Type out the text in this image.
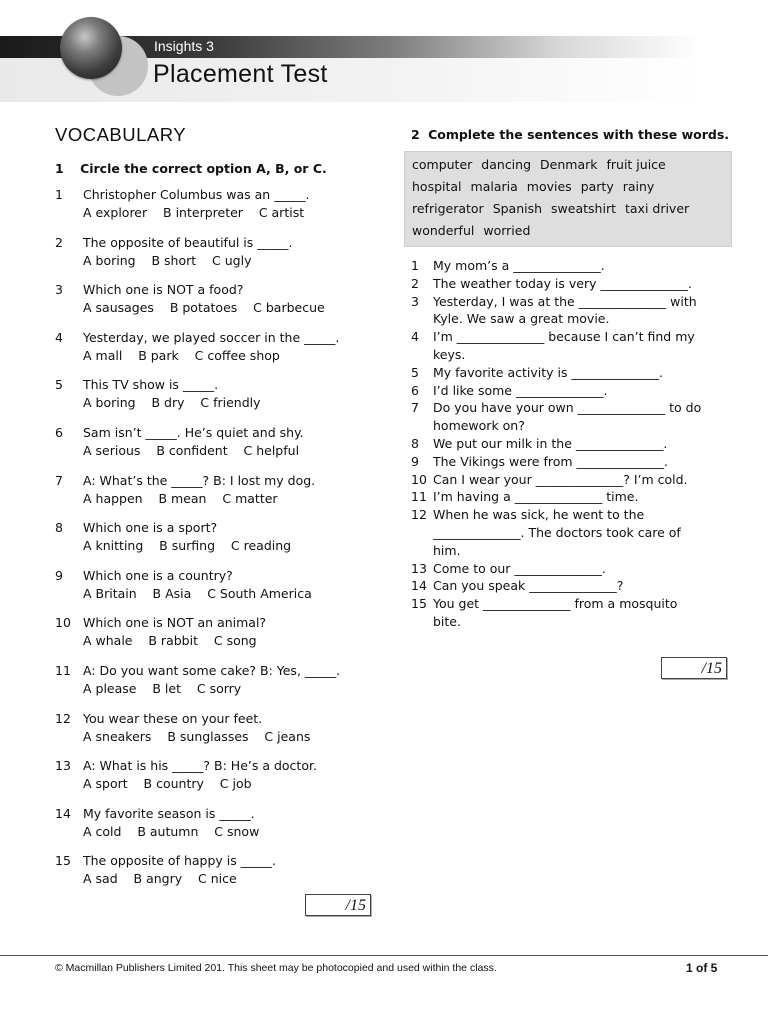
Insights 3
Placement Test
VOCABULARY
1 Circle the correct option A, B, or C.
1	Christopher Columbus was an _____.
A explorer    B interpreter    C artist
2	The opposite of beautiful is _____.
A boring    B short    C ugly
3	Which one is NOT a food?
A sausages    B potatoes    C barbecue
4	Yesterday, we played soccer in the _____.
A mall    B park    C coffee shop
5	This TV show is _____.
A boring    B dry    C friendly
6	Sam isn’t _____. He’s quiet and shy.
A serious    B confident    C helpful
7	A: What’s the _____? B: I lost my dog.
A happen    B mean    C matter
8	Which one is a sport?
A knitting    B surfing    C reading
9	Which one is a country?
A Britain    B Asia    C South America
10 Which one is NOT an animal?
A whale    B rabbit    C song
11 A: Do you want some cake? B: Yes, _____.
A please    B let    C sorry
12 You wear these on your feet.
A sneakers    B sunglasses    C jeans
13 A: What is his _____? B: He’s a doctor.
A sport    B country    C job
14 My favorite season is _____.
A cold    B autumn    C snow
15 The opposite of happy is _____.
A sad    B angry    C nice
/15
2 Complete the sentences with these words.
computer dancing Denmark fruit juice
hospital malaria movies party rainy
refrigerator Spanish sweatshirt taxi driver
wonderful worried
1	My mom’s a ______________.
2	The weather today is very ______________.
3	Yesterday, I was at the ______________ with
Kyle. We saw a great movie.
4	I’m ______________ because I can’t find my
keys.
5	My favorite activity is ______________.
6	I’d like some ______________.
7	Do you have your own ______________ to do
homework on?
8	We put our milk in the ______________.
9	The Vikings were from ______________.
10 Can I wear your ______________? I’m cold.
11 I’m having a ______________ time.
12 When he was sick, he went to the
______________. The doctors took care of
him.
13 Come to our ______________.
14 Can you speak ______________?
15 You get ______________ from a mosquito
bite.
/15
© Macmillan Publishers Limited 201. This sheet may be photocopied and used within the class.	1 of 5
